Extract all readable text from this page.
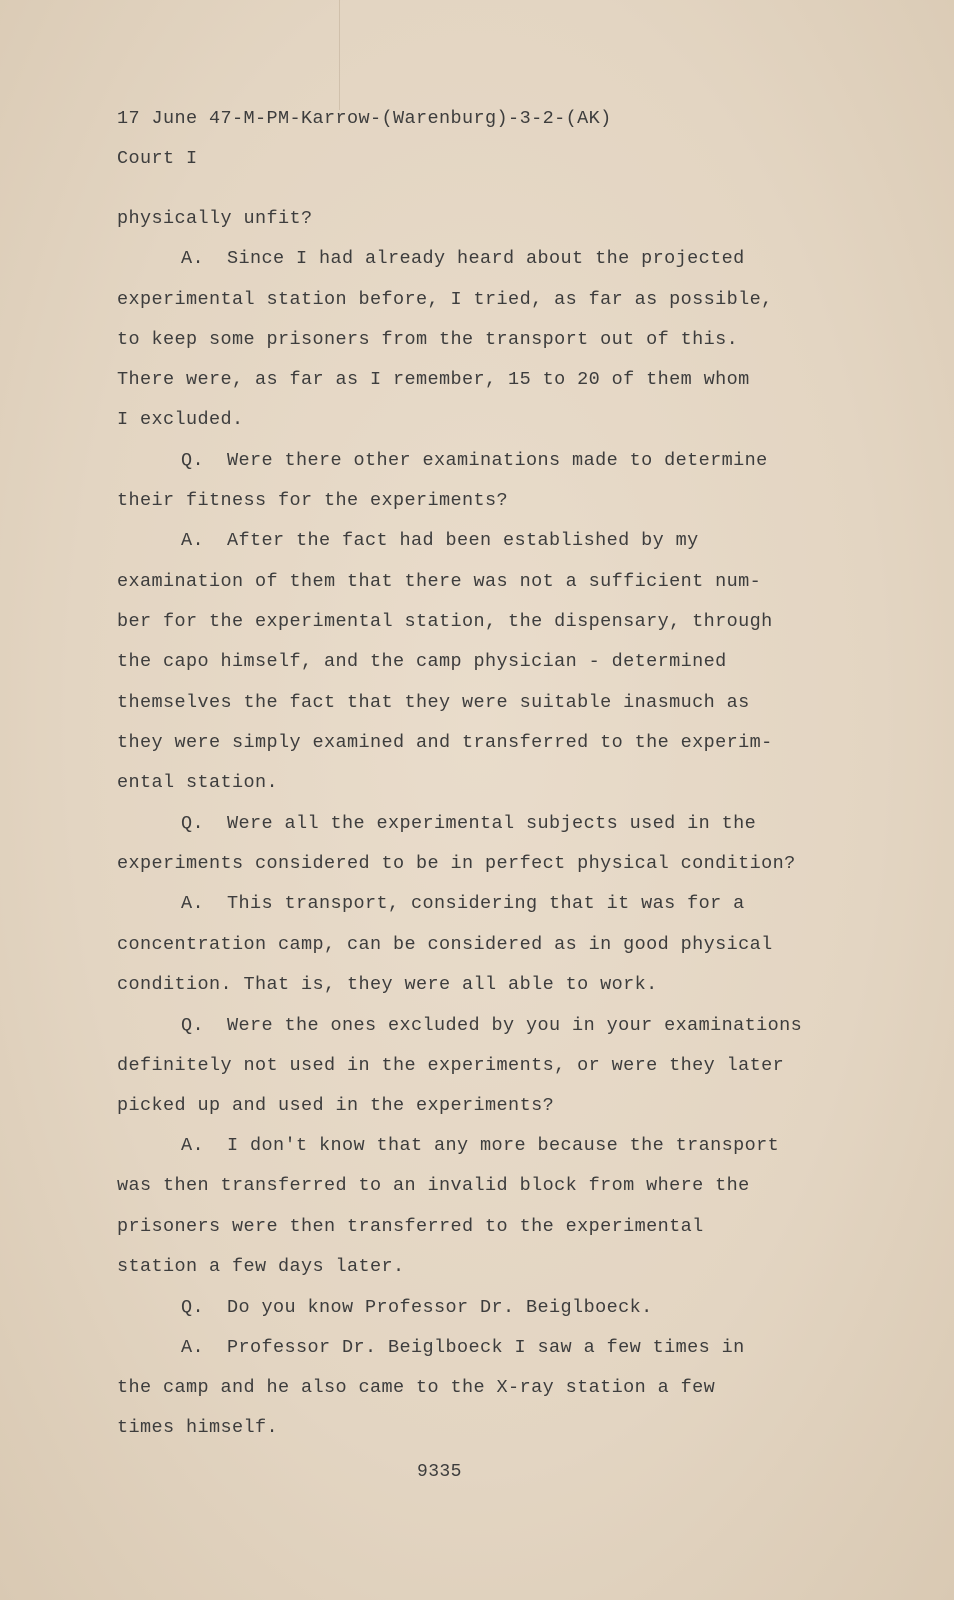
17 June 47-M-PM-Karrow-(Warenburg)-3-2-(AK)
Court I
physically unfit?
A.  Since I had already heard about the projected
experimental station before, I tried, as far as possible,
to keep some prisoners from the transport out of this.
There were, as far as I remember, 15 to 20 of them whom
I excluded.
Q.  Were there other examinations made to determine
their fitness for the experiments?
A.  After the fact had been established by my
examination of them that there was not a sufficient num-
ber for the experimental station, the dispensary, through
the capo himself, and the camp physician - determined
themselves the fact that they were suitable inasmuch as
they were simply examined and transferred to the experim-
ental station.
Q.  Were all the experimental subjects used in the
experiments considered to be in perfect physical condition?
A.  This transport, considering that it was for a
concentration camp, can be considered as in good physical
condition. That is, they were all able to work.
Q.  Were the ones excluded by you in your examinations
definitely not used in the experiments, or were they later
picked up and used in the experiments?
A.  I don't know that any more because the transport
was then transferred to an invalid block from where the
prisoners were then transferred to the experimental
station a few days later.
Q.  Do you know Professor Dr. Beiglboeck.
A.  Professor Dr. Beiglboeck I saw a few times in
the camp and he also came to the X-ray station a few
times himself.
9335
